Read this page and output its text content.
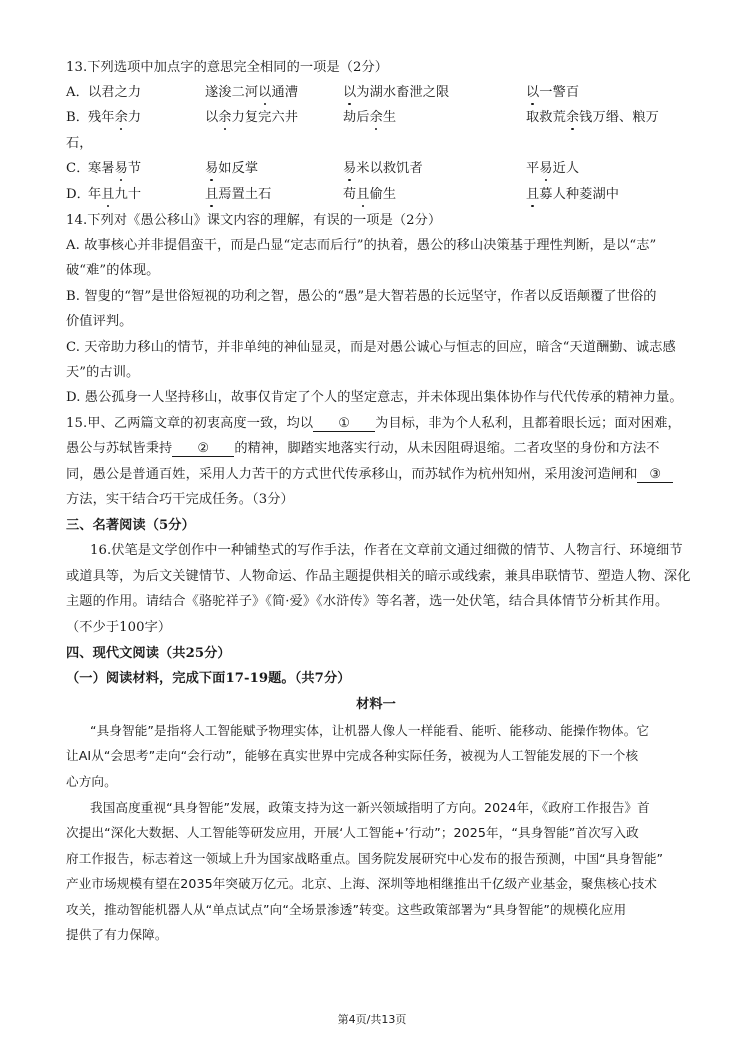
13.下列选项中加点字的意思完全相同的一项是（2分）
A． 以君之力	遂浚二河以通漕	以为湖水畜泄之限	以一警百
B．
残年余力	以余力复完六井	劫后余生	取救荒余钱万缗、粮万
石，
C．
寒暑易节	易如反掌	易米以救饥者	平易近人
D．
年且九十	且焉置土石	苟且偷生	且募人种菱湖中
14.下列对《愚公移山》课文内容的理解，有误的一项是（2分）
A. 故事核心并非提倡蛮干，而是凸显“定志而后行”的执着，愚公的移山决策基于理性判断，是以“志”
破“难”的体现。
B. 智叟的“智”是世俗短视的功利之智，愚公的“愚”是大智若愚的长远坚守，作者以反语颠覆了世俗的
价值评判。
C. 天帝助力移山的情节，并非单纯的神仙显灵，而是对愚公诚心与恒志的回应，暗含“天道酬勤、诚志感
天”的古训。
D. 愚公孤身一人坚持移山，故事仅肯定了个人的坚定意志，并未体现出集体协作与代代传承的精神力量。
15.甲、乙两篇文章的初衷高度一致，均以 ① 为目标，非为个人私利，且都着眼长远；面对困难，
愚公与苏轼皆秉持 ② 的精神，脚踏实地落实行动，从未因阻碍退缩。二者攻坚的身份和方法不
同，愚公是普通百姓，采用人力苦干的方式世代传承移山，而苏轼作为杭州知州，采用浚河造闸和 ③
方法，实干结合巧干完成任务。（3分）
三、名著阅读（5分）
16.伏笔是文学创作中一种铺垫式的写作手法，作者在文章前文通过细微的情节、人物言行、环境细节
或道具等，为后文关键情节、人物命运、作品主题提供相关的暗示或线索，兼具串联情节、塑造人物、深化
主题的作用。请结合《骆驼祥子》《简·爱》《水浒传》等名著，选一处伏笔，结合具体情节分析其作用。
（不少于100字）
四、现代文阅读（共25分）
（一）阅读材料，完成下面17-19题。（共7分）
材料一
“具身智能”是指将人工智能赋予物理实体，让机器人像人一样能看、能听、能移动、能操作物体。它
让AI从“会思考”走向“会行动”，能够在真实世界中完成各种实际任务，被视为人工智能发展的下一个核
心方向。
我国高度重视“具身智能”发展，政策支持为这一新兴领域指明了方向。2024年，《政府工作报告》首
次提出“深化大数据、人工智能等研发应用，开展‘人工智能+’行动”；2025年，“具身智能”首次写入政
府工作报告，标志着这一领域上升为国家战略重点。国务院发展研究中心发布的报告预测，中国“具身智能”
产业市场规模有望在2035年突破万亿元。北京、上海、深圳等地相继推出千亿级产业基金，聚焦核心技术
攻关，推动智能机器人从“单点试点”向“全场景渗透”转变。这些政策部署为“具身智能”的规模化应用
提供了有力保障。
第4页/共13页
